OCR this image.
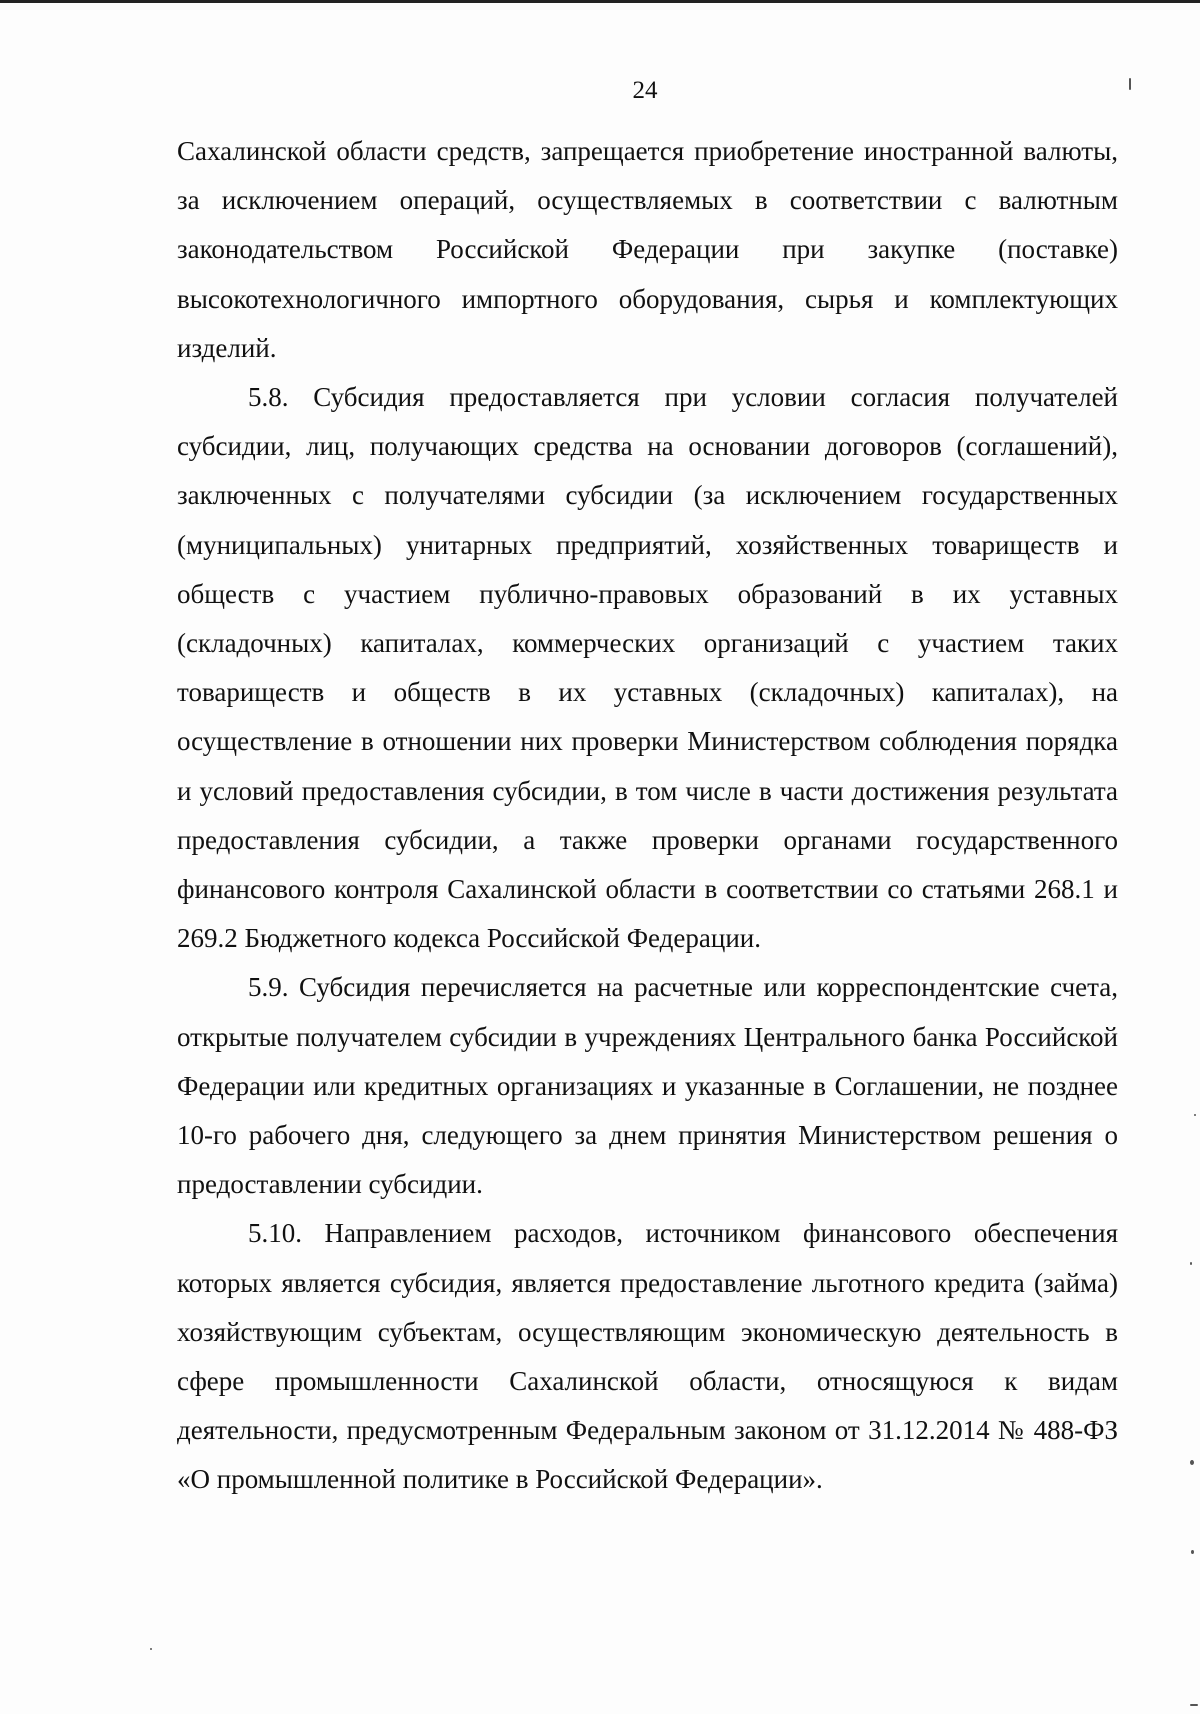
24

Сахалинской области средств, запрещается приобретение иностранной валюты, за исключением операций, осуществляемых в соответствии с валютным законодательством Российской Федерации при закупке (поставке) высокотехнологичного импортного оборудования, сырья и комплектующих изделий.

5.8. Субсидия предоставляется при условии согласия получателей субсидии, лиц, получающих средства на основании договоров (соглашений), заключенных с получателями субсидии (за исключением государственных (муниципальных) унитарных предприятий, хозяйственных товариществ и обществ с участием публично-правовых образований в их уставных (складочных) капиталах, коммерческих организаций с участием таких товариществ и обществ в их уставных (складочных) капиталах), на осуществление в отношении них проверки Министерством соблюдения порядка и условий предоставления субсидии, в том числе в части достижения результата предоставления субсидии, а также проверки органами государственного финансового контроля Сахалинской области в соответствии со статьями 268.1 и 269.2 Бюджетного кодекса Российской Федерации.

5.9. Субсидия перечисляется на расчетные или корреспондентские счета, открытые получателем субсидии в учреждениях Центрального банка Российской Федерации или кредитных организациях и указанные в Соглашении, не позднее 10-го рабочего дня, следующего за днем принятия Министерством решения о предоставлении субсидии.

5.10. Направлением расходов, источником финансового обеспечения которых является субсидия, является предоставление льготного кредита (займа) хозяйствующим субъектам, осуществляющим экономическую деятельность в сфере промышленности Сахалинской области, относящуюся к видам деятельности, предусмотренным Федеральным законом от 31.12.2014 № 488-ФЗ «О промышленной политике в Российской Федерации».
